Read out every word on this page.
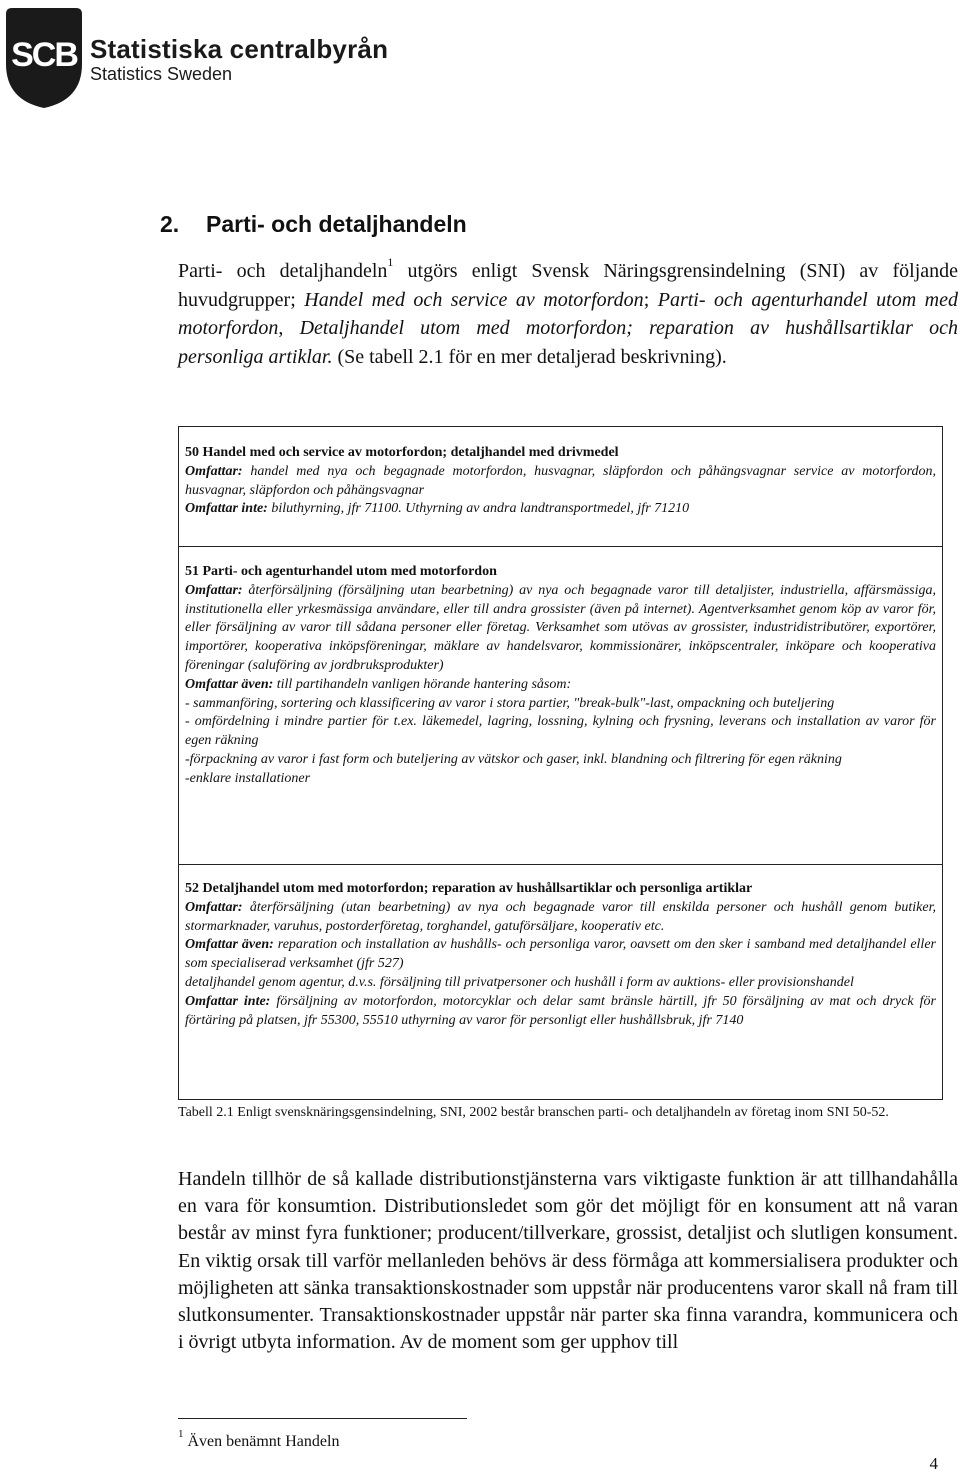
SCB Statistiska centralbyrån
Statistics Sweden
2. Parti- och detaljhandeln

Parti- och detaljhandeln$^1$ utgörs enligt Svensk Näringsgrensindelning (SNI) av följande huvudgrupper; Handel med och service av motorfordon; Parti- och agenturhandel utom med motorfordon, Detaljhandel utom med motorfordon; reparation av hushållsartiklar och personliga artiklar. (Se tabell 2.1 för en mer detaljerad beskrivning).

50 Handel med och service av motorfordon; detaljhandel med drivmedel

Omfattar: handel med nya och begagnade motorfordon, husvagnar, släpfordon och påhängsvagnar service av motorfordon, husvagnar, släpfordon och påhängsvagnar

Omfattar inte: biluthyrning, jfr 71100. Uthyrning av andra landtransportmedel, jfr 71210

51 Parti- och agenturhandel utom med motorfordon

Omfattar: återförsäljning (försäljning utan bearbetning) av nya och begagnade varor till detaljister, industriella, affärsmässiga, institutionella eller yrkesmässiga användare, eller till andra grossister (även på internet). Agentverksamhet genom köp av varor för, eller försäljning av varor till sådana personer eller företag. Verksamhet som utövas av grossister, industridistributörer, exportörer, importörer, kooperativa inköpsföreningar, mäklare av handelsvaror, kommissionärer, inköpscentraler, inköpare och kooperativa föreningar (saluföring av jordbruksprodukter)

Omfattar även: till partihandeln vanligen hörande hantering såsom:

- sammanföring, sortering och klassificering av varor i stora partier, "break-bulk"-last, ompackning och buteljering

- omfördelning i mindre partier för t.ex. läkemedel, lagring, lossning, kylning och frysning, leverans och installation av varor för egen räkning

-förpackning av varor i fast form och buteljering av vätskor och gaser, inkl. blandning och filtrering för egen räkning

-enklare installationer

52 Detaljhandel utom med motorfordon; reparation av hushållsartiklar och personliga artiklar

Omfattar: återförsäljning (utan bearbetning) av nya och begagnade varor till enskilda personer och hushåll genom butiker, stormarknader, varuhus, postorderföretag, torghandel, gatuförsäljare, kooperativ etc.

Omfattar även: reparation och installation av hushålls- och personliga varor, oavsett om den sker i samband med detaljhandel eller som specialiserad verksamhet (jfr 527)

detaljhandel genom agentur, d.v.s. försäljning till privatpersoner och hushåll i form av auktions- eller provisionshandel

Omfattar inte: försäljning av motorfordon, motorcyklar och delar samt bränsle härtill, jfr 50 försäljning av mat och dryck för förtäring på platsen, jfr 55300, 55510 uthyrning av varor för personligt eller hushållsbruk, jfr 7140

Tabell 2.1 Enligt svensknäringsgensindelning, SNI, 2002 består branschen parti- och detaljhandeln av företag inom SNI 50-52.

Handeln tillhör de så kallade distributionstjänsterna vars viktigaste funktion är att tillhandahålla en vara för konsumtion. Distributionsledet som gör det möjligt för en konsument att nå varan består av minst fyra funktioner; producent/tillverkare, grossist, detaljist och slutligen konsument. En viktig orsak till varför mellanleden behövs är dess förmåga att kommersialisera produkter och möjligheten att sänka transaktionskostnader som uppstår när producentens varor skall nå fram till slutkonsumenter. Transaktionskostnader uppstår när parter ska finna varandra, kommunicera och i övrigt utbyta information. Av de moment som ger upphov till

$^1$ Även benämnt Handeln
4
